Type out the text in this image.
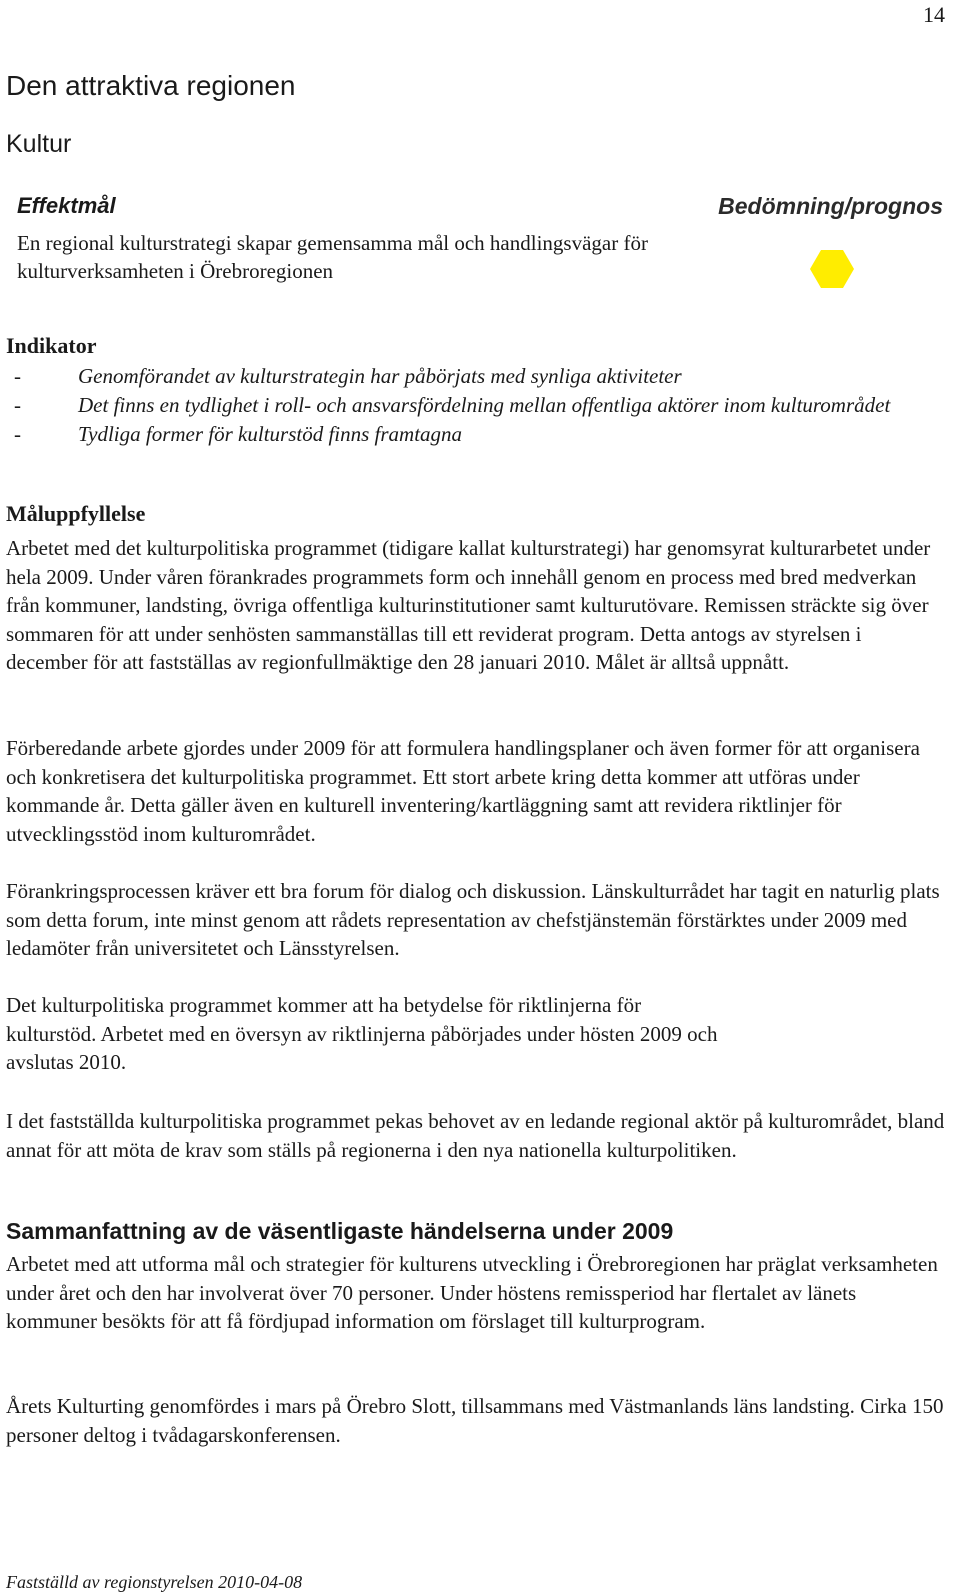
14
Den attraktiva regionen
Kultur
Effektmål	Bedömning/prognos
En regional kulturstrategi skapar gemensamma mål och handlingsvägar för kulturverksamheten i Örebroregionen
Indikator
- Genomförandet av kulturstrategin har påbörjats med synliga aktiviteter
- Det finns en tydlighet i roll- och ansvarsfördelning mellan offentliga aktörer inom kulturområdet
- Tydliga former för kulturstöd finns framtagna
Måluppfyllelse

Arbetet med det kulturpolitiska programmet (tidigare kallat kulturstrategi) har genomsyrat kulturarbetet under hela 2009. Under våren förankrades programmets form och innehåll genom en process med bred medverkan från kommuner, landsting, övriga offentliga kulturinstitutioner samt kulturutövare. Remissen sträckte sig över sommaren för att under senhösten sammanställas till ett reviderat program. Detta antogs av styrelsen i december för att fastställas av regionfullmäktige den 28 januari 2010. Målet är alltså uppnått.

Förberedande arbete gjordes under 2009 för att formulera handlingsplaner och även former för att organisera och konkretisera det kulturpolitiska programmet. Ett stort arbete kring detta kommer att utföras under kommande år. Detta gäller även en kulturell inventering/kartläggning samt att revidera riktlinjer för utvecklingsstöd inom kulturområdet.

Förankringsprocessen kräver ett bra forum för dialog och diskussion. Länskulturrådet har tagit en naturlig plats som detta forum, inte minst genom att rådets representation av chefstjänstemän förstärktes under 2009 med ledamöter från universitetet och Länsstyrelsen.

Det kulturpolitiska programmet kommer att ha betydelse för riktlinjerna för kulturstöd. Arbetet med en översyn av riktlinjerna påbörjades under hösten 2009 och avslutas 2010.

I det fastställda kulturpolitiska programmet pekas behovet av en ledande regional aktör på kulturområdet, bland annat för att möta de krav som ställs på regionerna i den nya nationella kulturpolitiken.

Sammanfattning av de väsentligaste händelserna under 2009

Arbetet med att utforma mål och strategier för kulturens utveckling i Örebroregionen har präglat verksamheten under året och den har involverat över 70 personer. Under höstens remissperiod har flertalet av länets kommuner besökts för att få fördjupad information om förslaget till kulturprogram.

Årets Kulturting genomfördes i mars på Örebro Slott, tillsammans med Västmanlands läns landsting. Cirka 150 personer deltog i tvådagarskonferensen.

Fastställd av regionstyrelsen 2010-04-08
